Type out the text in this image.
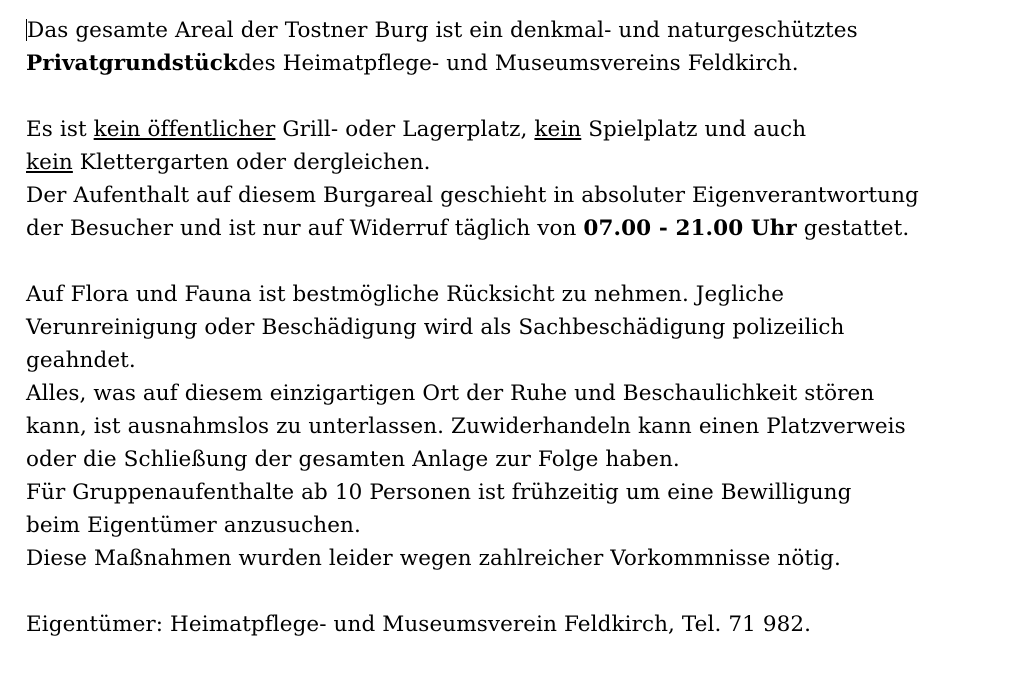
Das gesamte Areal der Tostner Burg ist ein denkmal- und naturgeschütztes

Privatgrundstückdes Heimatpflege- und Museumsvereins Feldkirch.

Es ist kein öffentlicher Grill- oder Lagerplatz, kein Spielplatz und auch

kein Klettergarten oder dergleichen.

Der Aufenthalt auf diesem Burgareal geschieht in absoluter Eigenverantwortung

der Besucher und ist nur auf Widerruf täglich von 07.00 - 21.00 Uhr gestattet.

Auf Flora und Fauna ist bestmögliche Rücksicht zu nehmen. Jegliche

Verunreinigung oder Beschädigung wird als Sachbeschädigung polizeilich

geahndet.

Alles, was auf diesem einzigartigen Ort der Ruhe und Beschaulichkeit stören

kann, ist ausnahmslos zu unterlassen. Zuwiderhandeln kann einen Platzverweis

oder die Schließung der gesamten Anlage zur Folge haben.

Für Gruppenaufenthalte ab 10 Personen ist frühzeitig um eine Bewilligung

beim Eigentümer anzusuchen.

Diese Maßnahmen wurden leider wegen zahlreicher Vorkommnisse nötig.

Eigentümer: Heimatpflege- und Museumsverein Feldkirch, Tel. 71 982.
